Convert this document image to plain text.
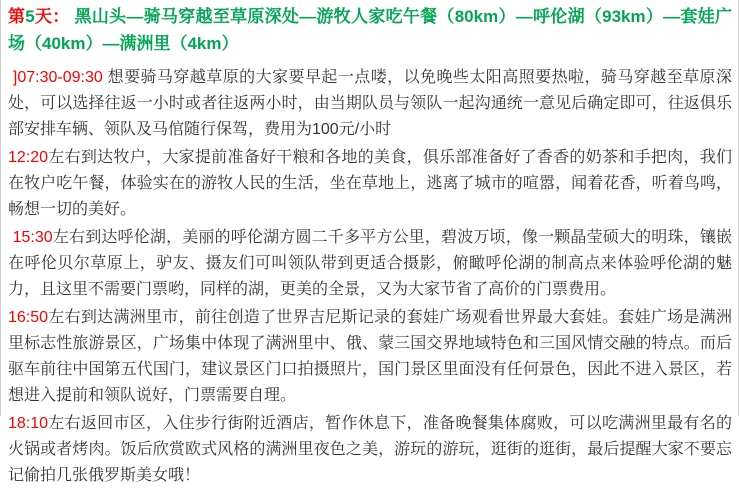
第5天： 黑山头—骑马穿越至草原深处—游牧人家吃午餐（80km）—呼伦湖（93km）—套娃广场（40km）—满洲里（4km）

]07:30-09:30 想要骑马穿越草原的大家要早起一点喽，以免晚些太阳高照要热啦，骑马穿越至草原深处，可以选择往返一小时或者往返两小时，由当期队员与领队一起沟通统一意见后确定即可，往返俱乐部安排车辆、领队及马倌随行保驾，费用为100元/小时

12:20左右到达牧户，大家提前准备好干粮和各地的美食，俱乐部准备好了香香的奶茶和手把肉，我们在牧户吃午餐，体验实在的游牧人民的生活，坐在草地上，逃离了城市的喧嚣，闻着花香，听着鸟鸣，畅想一切的美好。

15:30左右到达呼伦湖，美丽的呼伦湖方圆二千多平方公里，碧波万顷，像一颗晶莹硕大的明珠，镶嵌在呼伦贝尔草原上，驴友、摄友们可叫领队带到更适合摄影，俯瞰呼伦湖的制高点来体验呼伦湖的魅力，且这里不需要门票哟，同样的湖，更美的全景，又为大家节省了高价的门票费用。

16:50左右到达满洲里市，前往创造了世界吉尼斯记录的套娃广场观看世界最大套娃。套娃广场是满洲里标志性旅游景区，广场集中体现了满洲里中、俄、蒙三国交界地域特色和三国风情交融的特点。而后驱车前往中国第五代国门，建议景区门口拍摄照片，国门景区里面没有任何景色，因此不进入景区，若想进入提前和领队说好，门票需要自理。

18:10左右返回市区，入住步行街附近酒店，暂作休息下，准备晚餐集体腐败，可以吃满洲里最有名的火锅或者烤肉。饭后欣赏欧式风格的满洲里夜色之美，游玩的游玩，逛街的逛街，最后提醒大家不要忘记偷拍几张俄罗斯美女哦！
